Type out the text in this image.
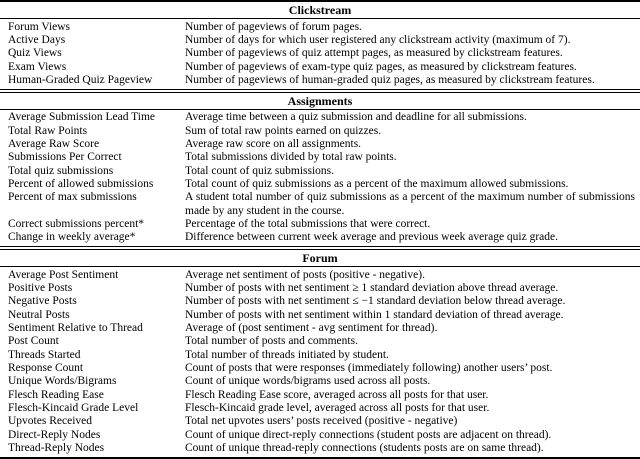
Clickstream
Forum Views	Number of pageviews of forum pages.
Active Days	Number of days for which user registered any clickstream activity (maximum of 7).
Quiz Views	Number of pageviews of quiz attempt pages, as measured by clickstream features.
Exam Views	Number of pageviews of exam-type quiz pages, as measured by clickstream features.
Human-Graded Quiz Pageview	Number of pageviews of human-graded quiz pages, as measured by clickstream features.
Assignments
Average Submission Lead Time	Average time between a quiz submission and deadline for all submissions.
Total Raw Points	Sum of total raw points earned on quizzes.
Average Raw Score	Average raw score on all assignments.
Submissions Per Correct	Total submissions divided by total raw points.
Total quiz submissions	Total count of quiz submissions.
Percent of allowed submissions	Total count of quiz submissions as a percent of the maximum allowed submissions.
Percent of max submissions	A student total number of quiz submissions as a percent of the maximum number of submissions made by any student in the course.
Correct submissions percent*	Percentage of the total submissions that were correct.
Change in weekly average*	Difference between current week average and previous week average quiz grade.
Forum
Average Post Sentiment	Average net sentiment of posts (positive - negative).
Positive Posts	Number of posts with net sentiment ≥ 1 standard deviation above thread average.
Negative Posts	Number of posts with net sentiment ≤ −1 standard deviation below thread average.
Neutral Posts	Number of posts with net sentiment within 1 standard deviation of thread average.
Sentiment Relative to Thread	Average of (post sentiment - avg sentiment for thread).
Post Count	Total number of posts and comments.
Threads Started	Total number of threads initiated by student.
Response Count	Count of posts that were responses (immediately following) another users’ post.
Unique Words/Bigrams	Count of unique words/bigrams used across all posts.
Flesch Reading Ease	Flesch Reading Ease score, averaged across all posts for that user.
Flesch-Kincaid Grade Level	Flesch-Kincaid grade level, averaged across all posts for that user.
Upvotes Received	Total net upvotes users’ posts received (positive - negative)
Direct-Reply Nodes	Count of unique direct-reply connections (student posts are adjacent on thread).
Thread-Reply Nodes	Count of unique thread-reply connections (students posts are on same thread).
